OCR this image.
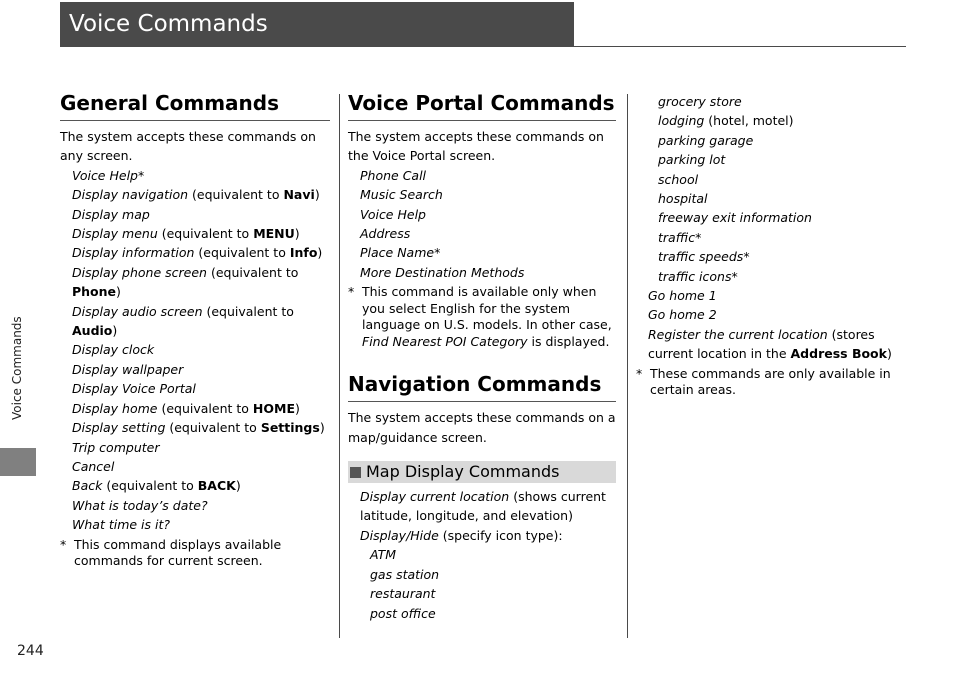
Voice Commands
Voice Commands
244
General Commands
The system accepts these commands on any screen.
Voice Help*
Display navigation (equivalent to Navi)
Display map
Display menu (equivalent to MENU)
Display information (equivalent to Info)
Display phone screen (equivalent to Phone)
Display audio screen (equivalent to Audio)
Display clock
Display wallpaper
Display Voice Portal
Display home (equivalent to HOME)
Display setting (equivalent to Settings)
Trip computer
Cancel
Back (equivalent to BACK)
What is today’s date?
What time is it?
* This command displays available commands for current screen.
Voice Portal Commands
The system accepts these commands on the Voice Portal screen.
Phone Call
Music Search
Voice Help
Address
Place Name*
More Destination Methods
* This command is available only when you select English for the system language on U.S. models. In other case, Find Nearest POI Category is displayed.
Navigation Commands
The system accepts these commands on a map/guidance screen.
Map Display Commands
Display current location (shows current latitude, longitude, and elevation)
Display/Hide (specify icon type):
ATM
gas station
restaurant
post office
grocery store
lodging (hotel, motel)
parking garage
parking lot
school
hospital
freeway exit information
traffic*
traffic speeds*
traffic icons*
Go home 1
Go home 2
Register the current location (stores current location in the Address Book)
* These commands are only available in certain areas.
